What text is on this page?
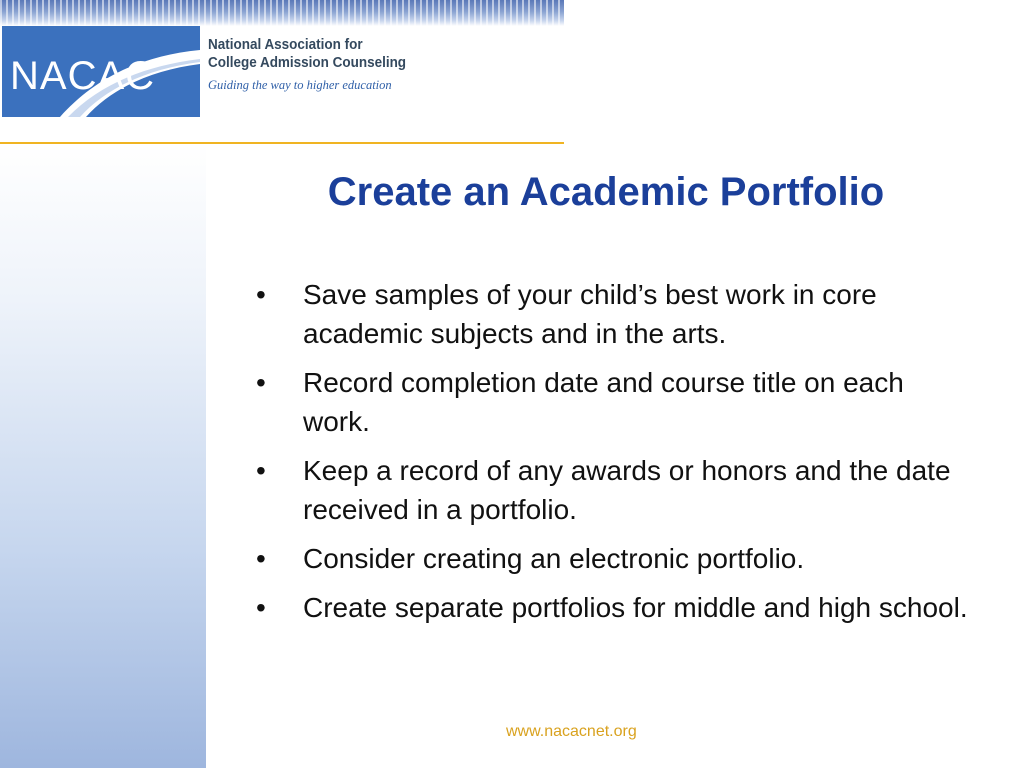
NACAC
National Association for
College Admission Counseling
Guiding the way to higher education
Create an Academic Portfolio
• Save samples of your child’s best work in core academic subjects and in the arts.
• Record completion date and course title on each work.
• Keep a record of any awards or honors and the date received in a portfolio.
• Consider creating an electronic portfolio.
• Create separate portfolios for middle and high school.
www.nacacnet.org
